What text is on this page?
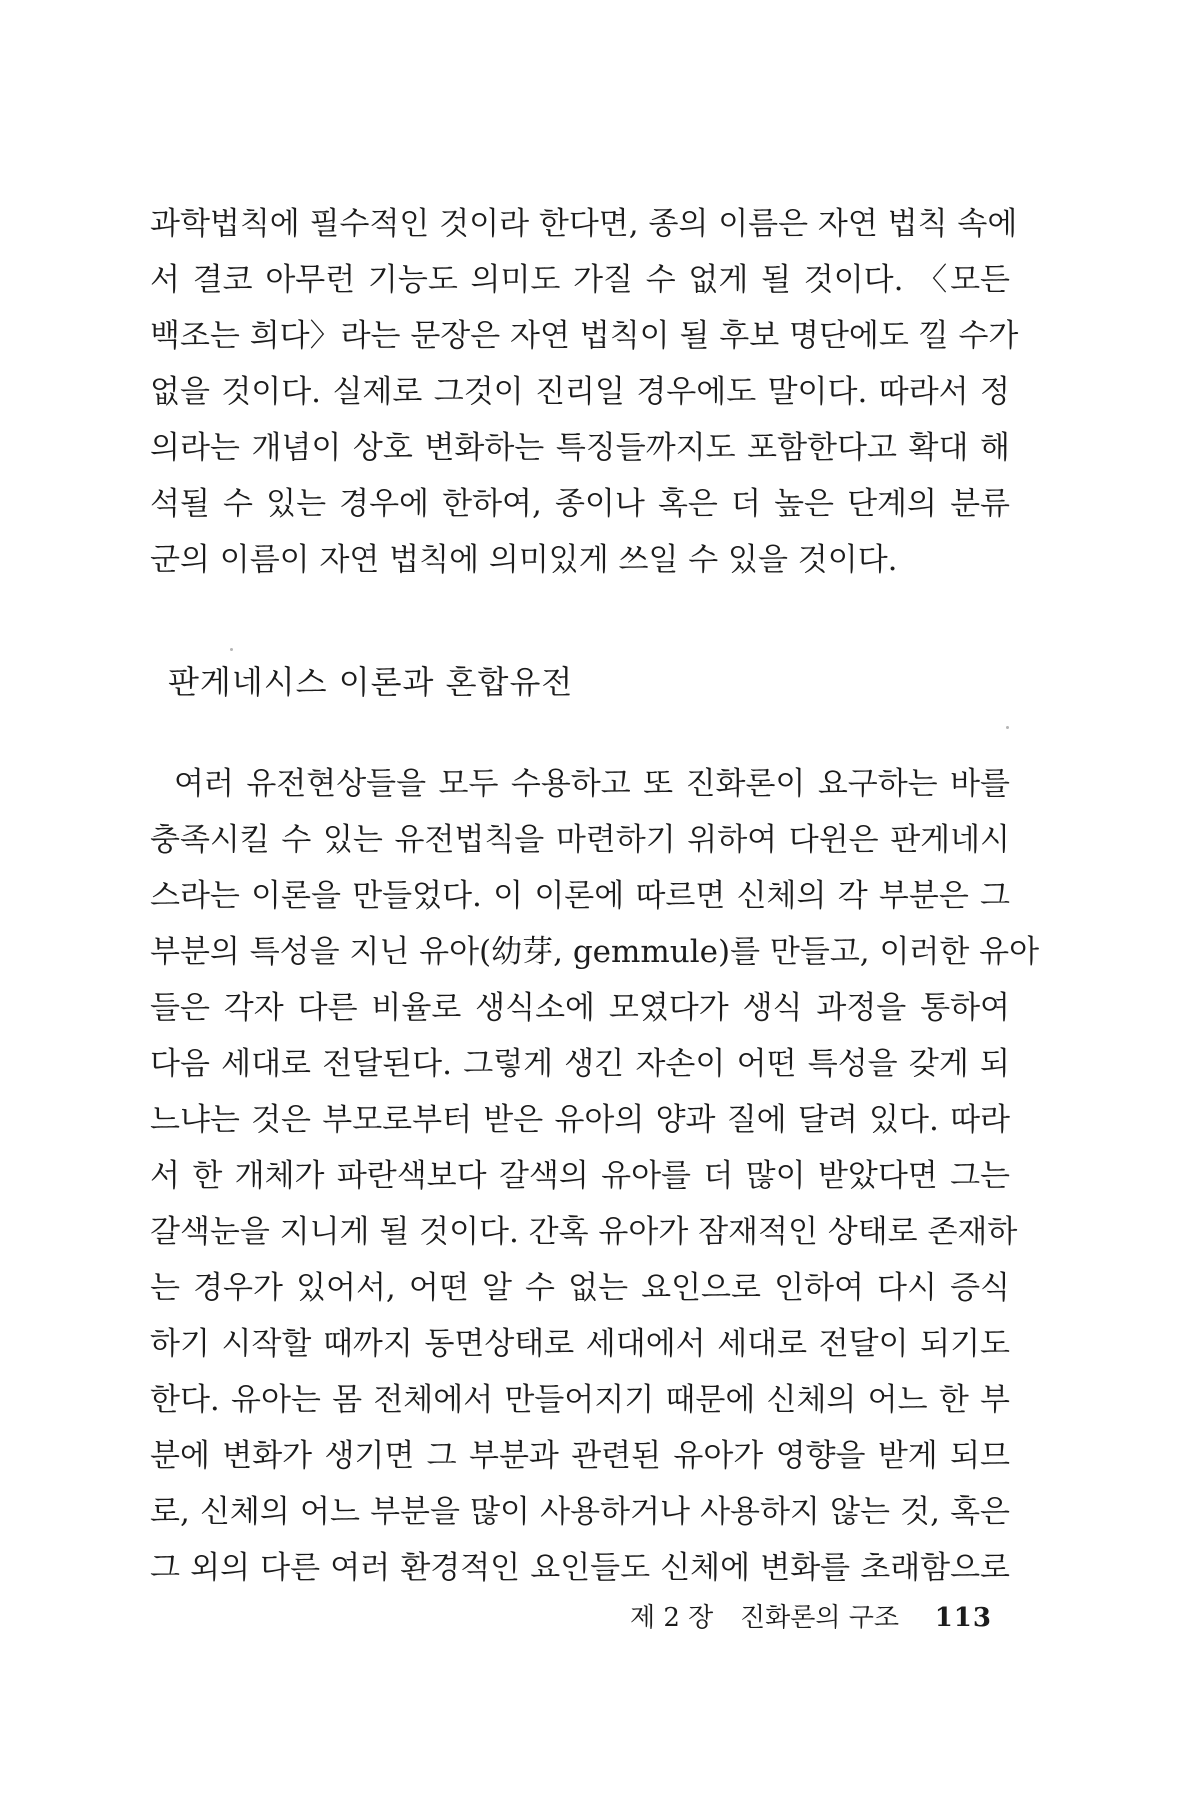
과학법칙에 필수적인 것이라 한다면, 종의 이름은 자연 법칙 속에
서 결코 아무런 기능도 의미도 가질 수 없게 될 것이다. 〈모든
백조는 희다〉라는 문장은 자연 법칙이 될 후보 명단에도 낄 수가
없을 것이다. 실제로 그것이 진리일 경우에도 말이다. 따라서 정
의라는 개념이 상호 변화하는 특징들까지도 포함한다고 확대 해
석될 수 있는 경우에 한하여, 종이나 혹은 더 높은 단계의 분류
군의 이름이 자연 법칙에 의미있게 쓰일 수 있을 것이다.
판게네시스 이론과 혼합유전
여러 유전현상들을 모두 수용하고 또 진화론이 요구하는 바를
충족시킬 수 있는 유전법칙을 마련하기 위하여 다윈은 판게네시
스라는 이론을 만들었다. 이 이론에 따르면 신체의 각 부분은 그
부분의 특성을 지닌 유아(幼芽, gemmule)를 만들고, 이러한 유아
들은 각자 다른 비율로 생식소에 모였다가 생식 과정을 통하여
다음 세대로 전달된다. 그렇게 생긴 자손이 어떤 특성을 갖게 되
느냐는 것은 부모로부터 받은 유아의 양과 질에 달려 있다. 따라
서 한 개체가 파란색보다 갈색의 유아를 더 많이 받았다면 그는
갈색눈을 지니게 될 것이다. 간혹 유아가 잠재적인 상태로 존재하
는 경우가 있어서, 어떤 알 수 없는 요인으로 인하여 다시 증식
하기 시작할 때까지 동면상태로 세대에서 세대로 전달이 되기도
한다. 유아는 몸 전체에서 만들어지기 때문에 신체의 어느 한 부
분에 변화가 생기면 그 부분과 관련된 유아가 영향을 받게 되므
로, 신체의 어느 부분을 많이 사용하거나 사용하지 않는 것, 혹은
그 외의 다른 여러 환경적인 요인들도 신체에 변화를 초래함으로
제 2 장 진화론의 구조 113
